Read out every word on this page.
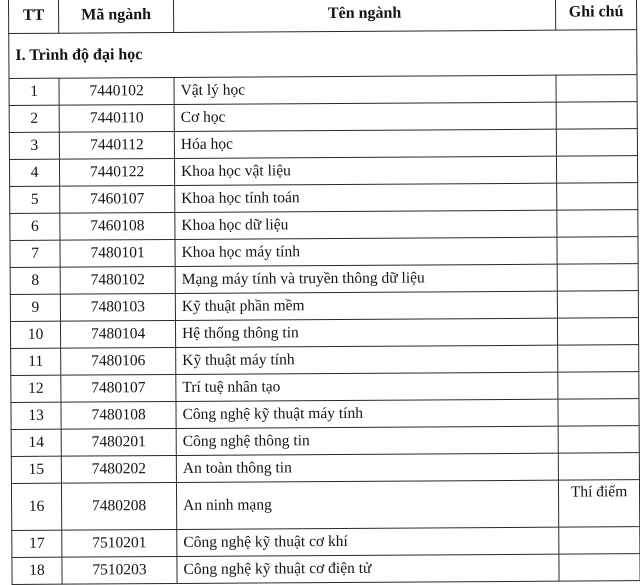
TT	Mã ngành	Tên ngành	Ghi chú
I. Trình độ đại học			
1	7440102	Vật lý học	
2	7440110	Cơ học	
3	7440112	Hóa học	
4	7440122	Khoa học vật liệu	
5	7460107	Khoa học tính toán	
6	7460108	Khoa học dữ liệu	
7	7480101	Khoa học máy tính	
8	7480102	Mạng máy tính và truyền thông dữ liệu	
9	7480103	Kỹ thuật phần mềm	
10	7480104	Hệ thống thông tin	
11	7480106	Kỹ thuật máy tính	
12	7480107	Trí tuệ nhân tạo	
13	7480108	Công nghệ kỹ thuật máy tính	
14	7480201	Công nghệ thông tin	
15	7480202	An toàn thông tin	
16	7480208	An ninh mạng	Thí điểm
17	7510201	Công nghệ kỹ thuật cơ khí	
18	7510203	Công nghệ kỹ thuật cơ điện tử	
